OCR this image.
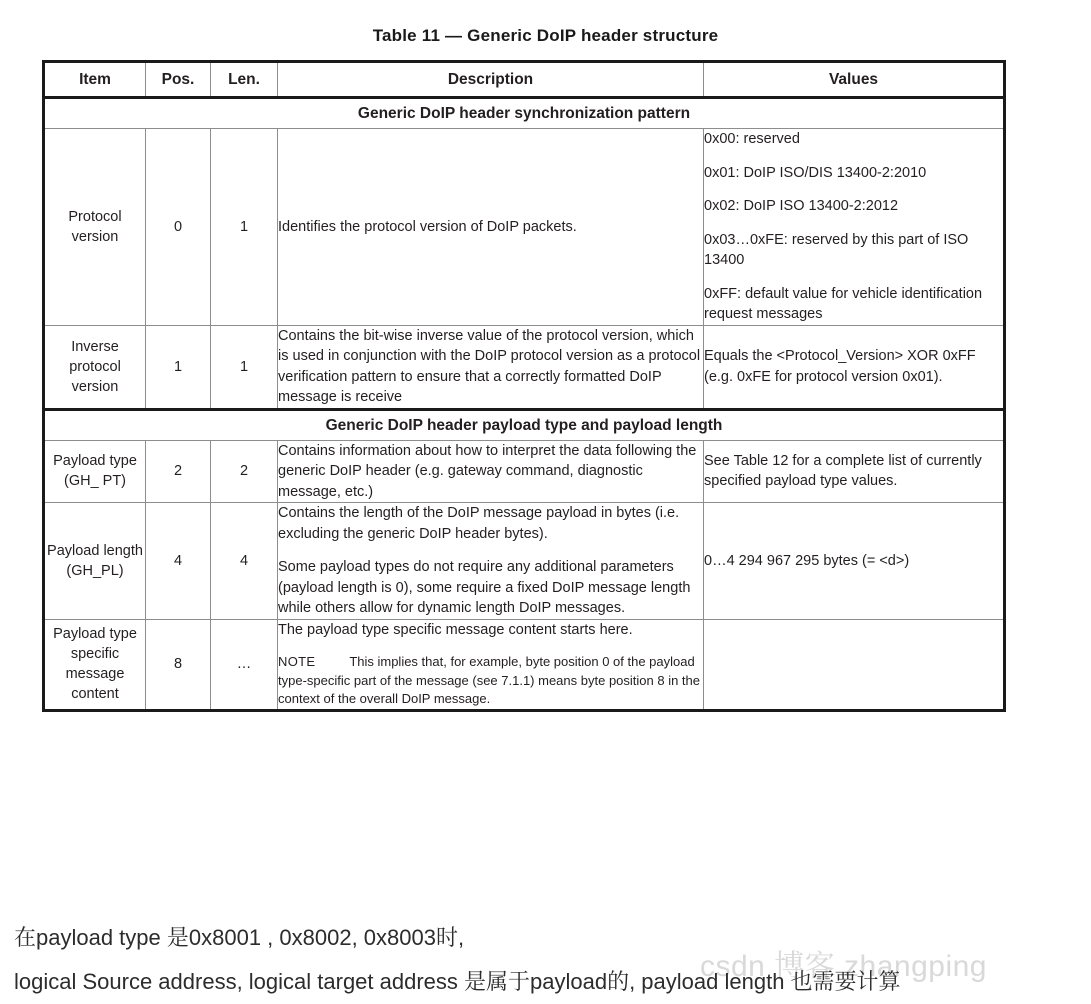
Table 11 — Generic DoIP header structure
Item	Pos.	Len.	Description	Values
Generic DoIP header synchronization pattern				
Protocol version	0	1	Identifies the protocol version of DoIP packets.	0x00: reserved

0x01: DoIP ISO/DIS 13400-2:2010

0x02: DoIP ISO 13400-2:2012

0x03…0xFE: reserved by this part of ISO 13400

0xFF: default value for vehicle identification request messages

Inverse protocol version	1	1	Contains the bit-wise inverse value of the protocol version, which is used in conjunction with the DoIP protocol version as a protocol verification pattern to ensure that a correctly formatted DoIP message is receive	Equals the <Protocol_Version> XOR 0xFF (e.g. 0xFE for protocol version 0x01).

Generic DoIP header payload type and payload length				
Payload type (GH_ PT)	2	2	Contains information about how to interpret the data following the generic DoIP header (e.g. gateway command, diagnostic message, etc.)	See Table 12 for a complete list of currently specified payload type values.

Payload length (GH_PL)	4	4	Contains the length of the DoIP message payload in bytes (i.e. excluding the generic DoIP header bytes).

Some payload types do not require any additional parameters (payload length is 0), some require a fixed DoIP message length while others allow for dynamic length DoIP messages.	0…4 294 967 295 bytes (= <d>)

Payload type specific message content	8	…	The payload type specific message content starts here.

NOTE This implies that, for example, byte position 0 of the payload type-specific part of the message (see 7.1.1) means byte position 8 in the context of the overall DoIP message.	

csdn 博客 zhangping
在payload type 是0x8001 , 0x8002, 0x8003时,
logical Source address, logical target address 是属于payload的, payload length 也需要计算
